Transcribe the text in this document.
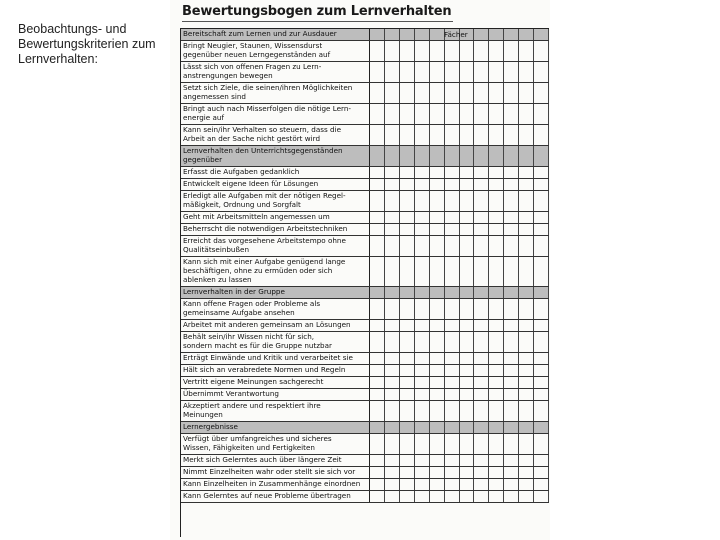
Beobachtungs- und Bewertungskriterien zum Lernverhalten:
Bewertungsbogen zum Lernverhalten
Bereitschaft zum Lernen und zur Ausdauer	Fächer
Bringt Neugier, Staunen, Wissensdurst
gegenüber neuen Lerngegenständen auf
Lässt sich von offenen Fragen zu Lern-
anstrengungen bewegen
Setzt sich Ziele, die seinen/ihren Möglichkeiten
angemessen sind
Bringt auch nach Misserfolgen die nötige Lern-
energie auf
Kann sein/ihr Verhalten so steuern, dass die
Arbeit an der Sache nicht gestört wird
Lernverhalten den Unterrichtsgegenständen
gegenüber
Erfasst die Aufgaben gedanklich
Entwickelt eigene Ideen für Lösungen
Erledigt alle Aufgaben mit der nötigen Regel-
mäßigkeit, Ordnung und Sorgfalt
Geht mit Arbeitsmitteln angemessen um
Beherrscht die notwendigen Arbeitstechniken
Erreicht das vorgesehene Arbeitstempo ohne
Qualitätseinbußen
Kann sich mit einer Aufgabe genügend lange
beschäftigen, ohne zu ermüden oder sich
ablenken zu lassen
Lernverhalten in der Gruppe
Kann offene Fragen oder Probleme als
gemeinsame Aufgabe ansehen
Arbeitet mit anderen gemeinsam an Lösungen
Behält sein/ihr Wissen nicht für sich,
sondern macht es für die Gruppe nutzbar
Erträgt Einwände und Kritik und verarbeitet sie
Hält sich an verabredete Normen und Regeln
Vertritt eigene Meinungen sachgerecht
Übernimmt Verantwortung
Akzeptiert andere und respektiert ihre
Meinungen
Lernergebnisse
Verfügt über umfangreiches und sicheres
Wissen, Fähigkeiten und Fertigkeiten
Merkt sich Gelerntes auch über längere Zeit
Nimmt Einzelheiten wahr oder stellt sie sich vor
Kann Einzelheiten in Zusammenhänge einordnen
Kann Gelerntes auf neue Probleme übertragen
